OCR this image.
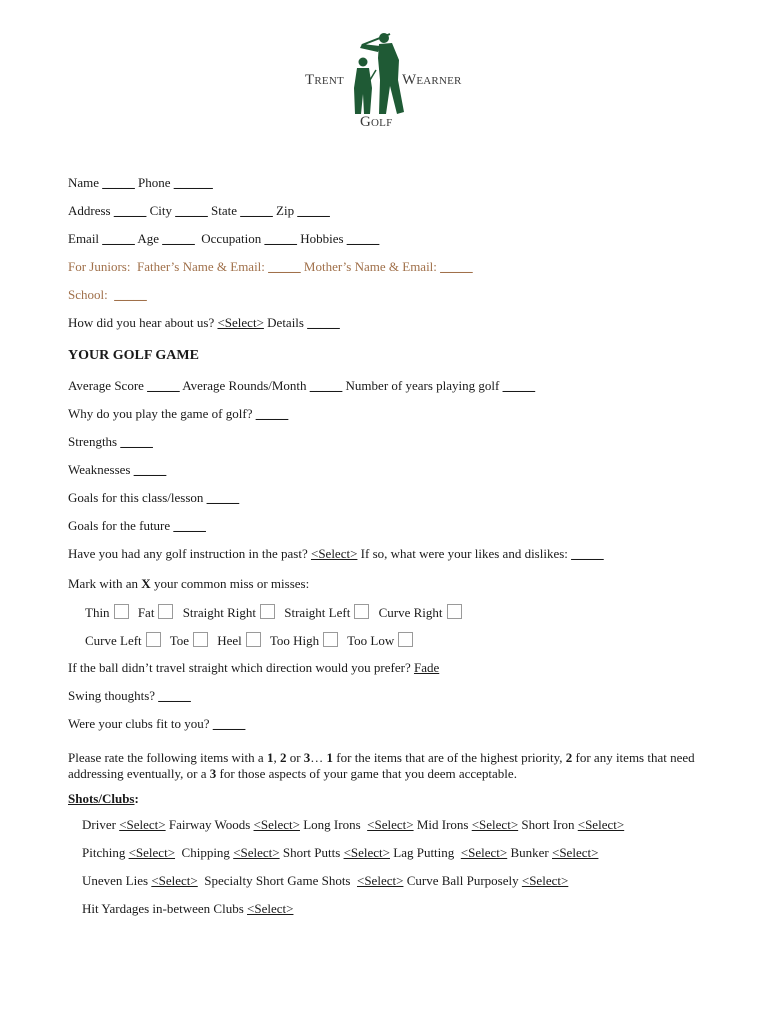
Trent	Wearner
Golf
Name _____ Phone ______
Address _____ City _____ State _____ Zip _____
Email _____ Age _____ Occupation _____ Hobbies _____
For Juniors: Father’s Name & Email: _____ Mother’s Name & Email: _____
School: _____
How did you hear about us? <Select> Details _____
YOUR GOLF GAME
Average Score _____ Average Rounds/Month _____ Number of years playing golf _____
Why do you play the game of golf? _____
Strengths _____
Weaknesses _____
Goals for this class/lesson _____
Goals for the future _____
Have you had any golf instruction in the past? <Select> If so, what were your likes and dislikes: _____
Mark with an X your common miss or misses:
Thin Fat Straight Right Straight Left Curve Right
Curve Left Toe Heel Too High Too Low
If the ball didn’t travel straight which direction would you prefer? Fade
Swing thoughts? _____
Were your clubs fit to you? _____
Please rate the following items with a 1, 2 or 3… 1 for the items that are of the highest priority, 2 for any items that need addressing eventually, or a 3 for those aspects of your game that you deem acceptable.
Shots/Clubs:
Driver <Select> Fairway Woods <Select> Long Irons <Select> Mid Irons <Select> Short Iron <Select>
Pitching <Select> Chipping <Select> Short Putts <Select> Lag Putting <Select> Bunker <Select>
Uneven Lies <Select> Specialty Short Game Shots <Select> Curve Ball Purposely <Select>
Hit Yardages in-between Clubs <Select>
